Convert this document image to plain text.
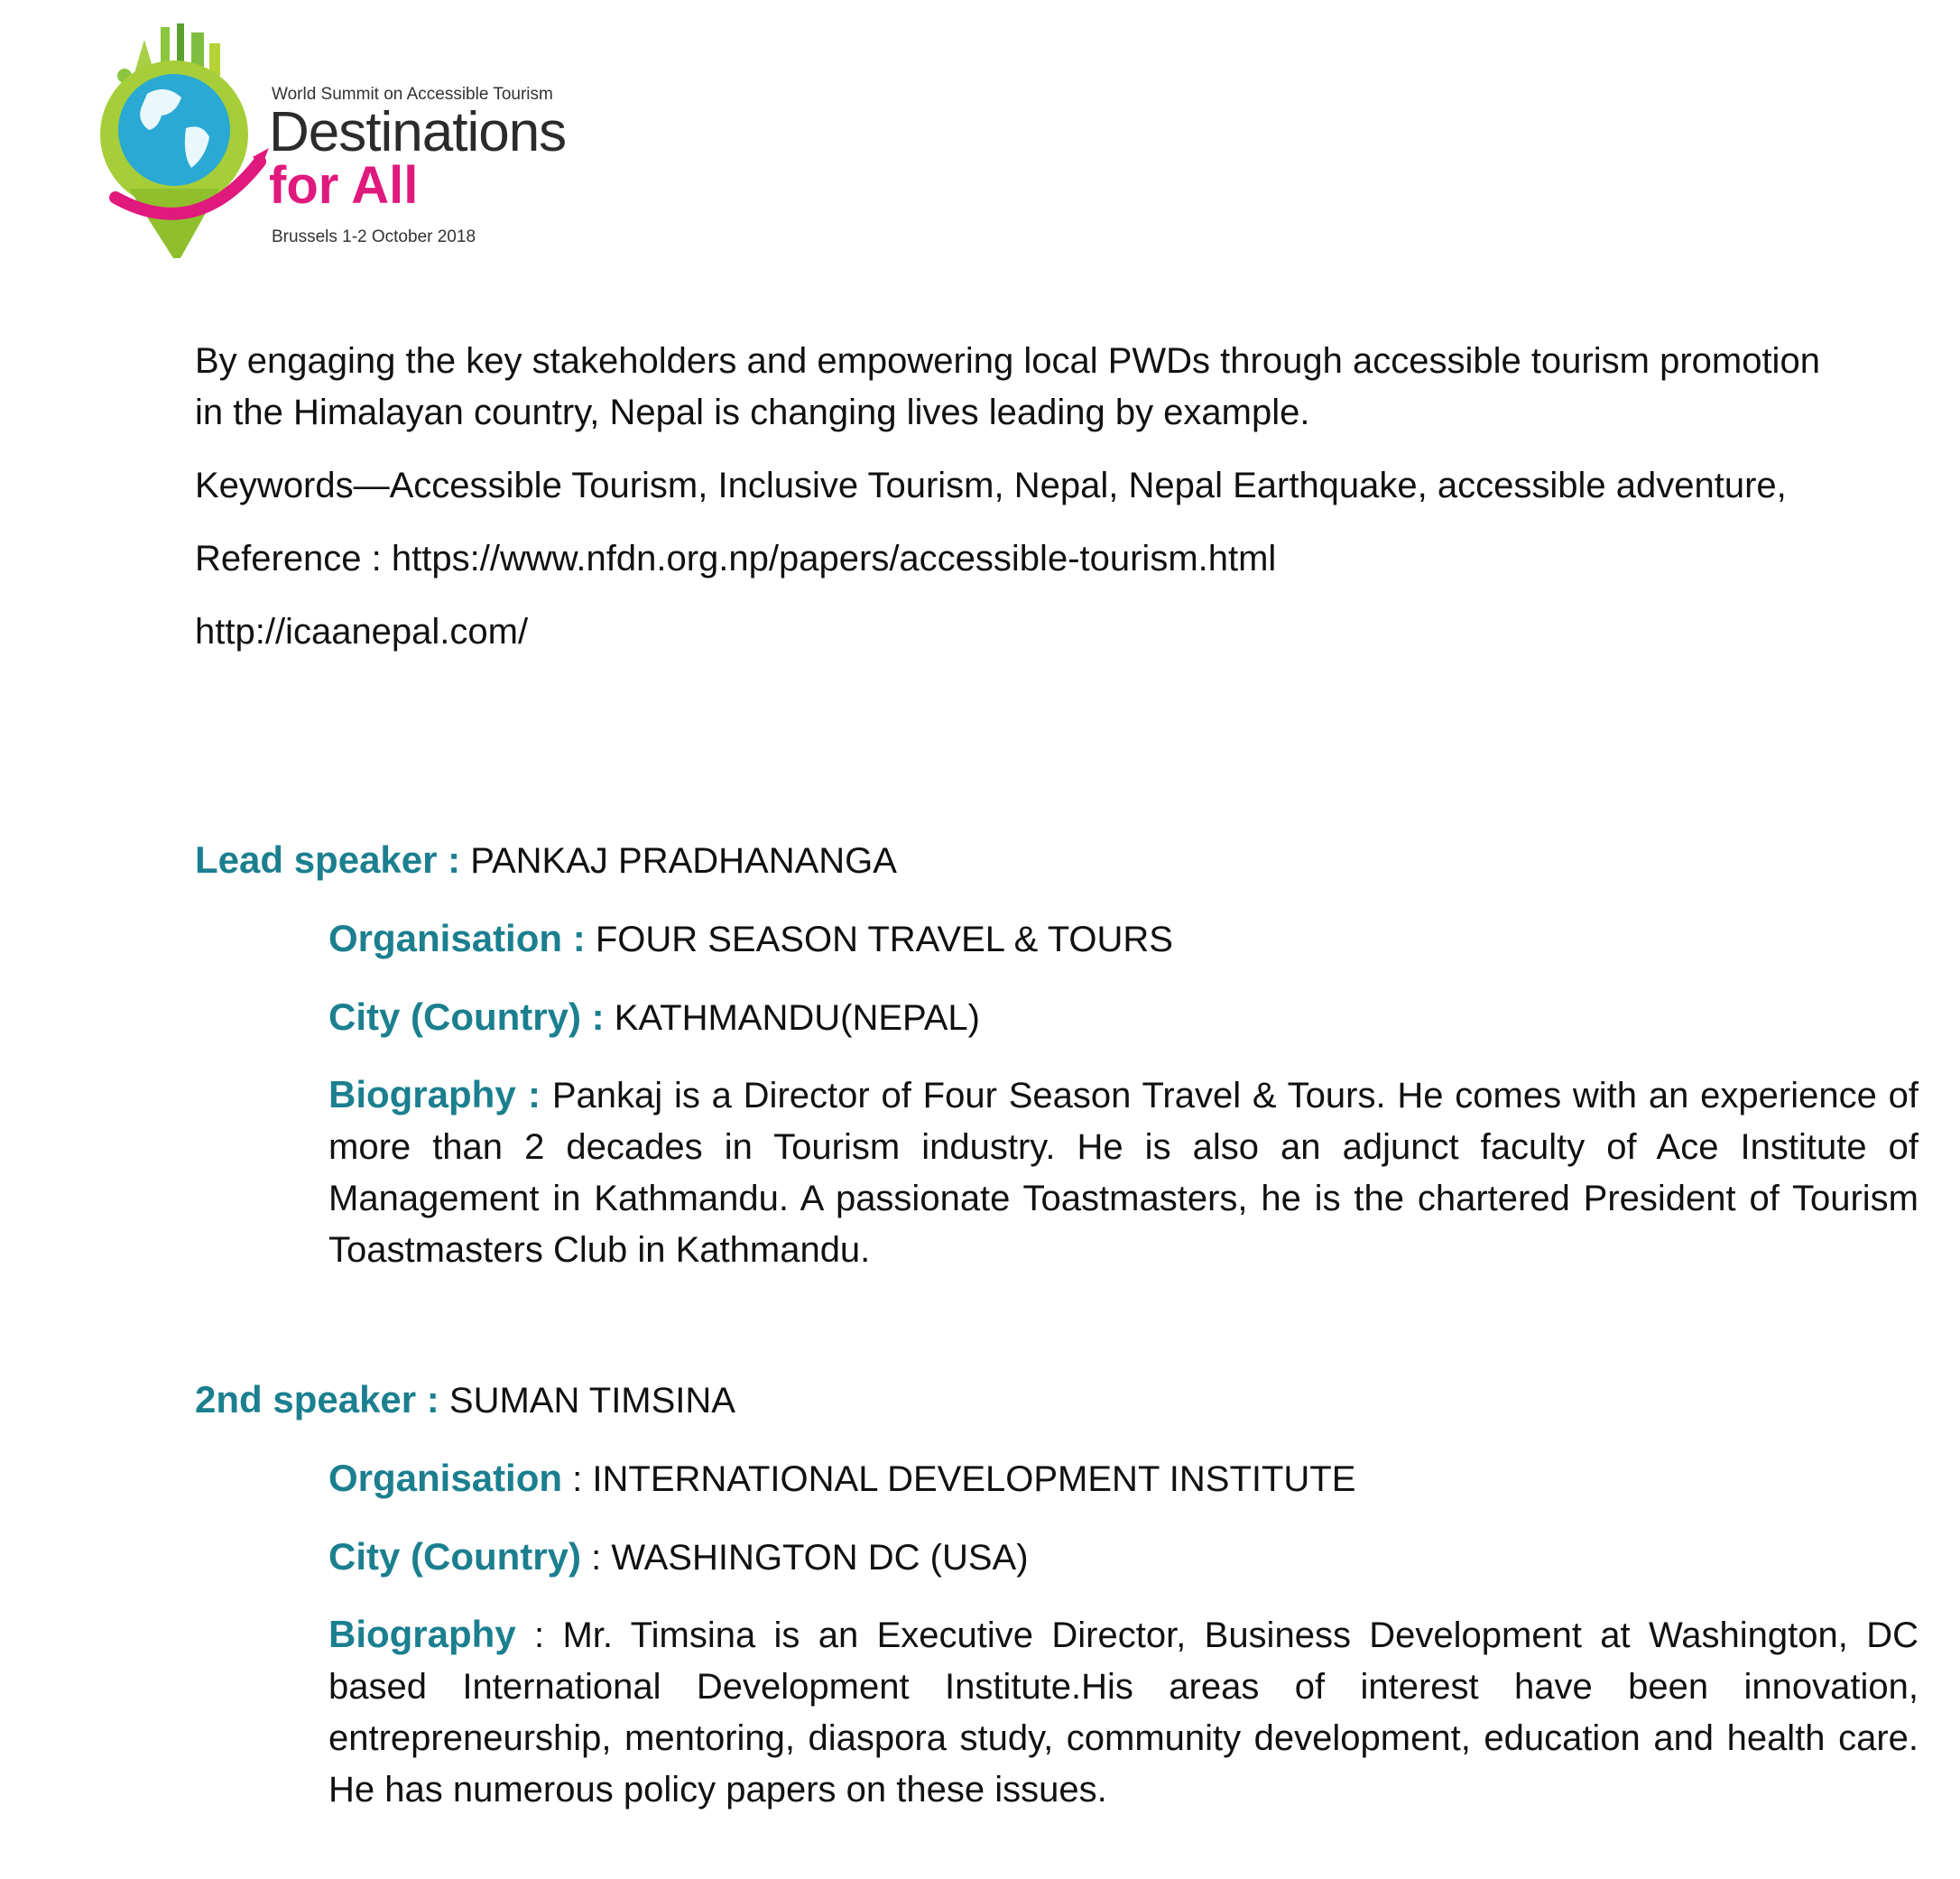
World Summit on Accessible Tourism
Destinations
for All
Brussels 1-2 October 2018
By engaging the key stakeholders and empowering local PWDs through accessible tourism promotion
in the Himalayan country, Nepal is changing lives leading by example.
Keywords—Accessible Tourism, Inclusive Tourism, Nepal, Nepal Earthquake, accessible adventure,
Reference : https://www.nfdn.org.np/papers/accessible-tourism.html
http://icaanepal.com/
Lead speaker : PANKAJ PRADHANANGA
Organisation : FOUR SEASON TRAVEL & TOURS
City (Country) : KATHMANDU(NEPAL)
Biography : Pankaj is a Director of Four Season Travel & Tours. He comes with an experience of more than 2 decades in Tourism industry. He is also an adjunct faculty of Ace Institute of Management in Kathmandu. A passionate Toastmasters, he is the chartered President of Tourism Toastmasters Club in Kathmandu.
2nd speaker : SUMAN TIMSINA
Organisation : INTERNATIONAL DEVELOPMENT INSTITUTE
City (Country) : WASHINGTON DC (USA)
Biography : Mr. Timsina is an Executive Director, Business Development at Washington, DC based International Development Institute.His areas of interest have been innovation, entrepreneurship, mentoring, diaspora study, community development, education and health care. He has numerous policy papers on these issues.
